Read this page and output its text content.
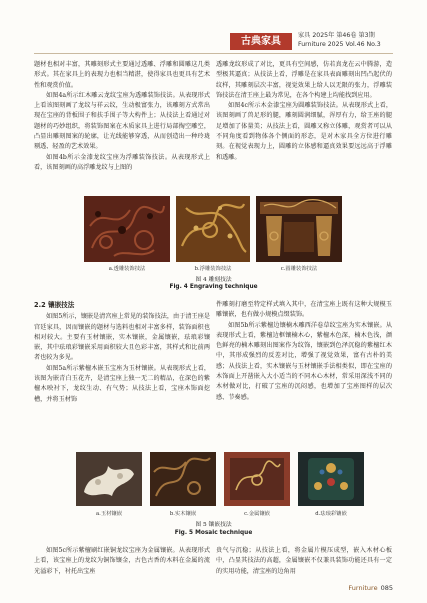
古典家具
家具 2025年 第46卷 第3期
Furniture 2025 Vol.46 No.3

题材也相对丰富，其雕刻形式主要通过透雕、浮雕和圆雕这几类形式。其在家具上的表现力也相当精湛，使得家具也更具有艺术性和观赏价值。

如图4a所示红木雕云龙纹宝座为透雕装饰技法。从表现形式上看该图刻画了龙纹与祥云纹，生动极富张力，该雕刻方式常出现在宝座的背板围子和扶手围子等大构件上；从技法上看通过对题材的巧妙组织，将装饰图案在木质家具上进行局部掏空雕空，凸显出雕刻图案的轮廓，让光线能够穿透，从而创造出一种玲珑剔透、轻盈的艺术效果。

如图4b所示金漆龙纹宝座为浮雕装饰技法。从表现形式上看，该图刻画的高浮雕龙纹与上图的

透雕龙纹形成了对比，更具有空间感，仿若真龙在云中腾游，造型极其逼真；从技法上看，浮雕是在家具表面雕刻出凹凸起伏的纹样，其雕刻层次丰富，视觉效果上给人以无限的张力，浮雕装饰技法在清王座上最为常见，在各个构建上均能找到应用。

如图4c所示木金漆宝座为圆雕装饰技法。从表现形式上看，该图刻画了兽足形的腿，雕刻圆润细腻，浑厚有力，给王座的腿足增加了体量美；从技法上看，圆雕又称立体雕，观赏者可以从不同角度看到物体各个侧面的形态，是对木家具全方位进行雕刻。在视觉表现力上，圆雕的立体感和逼真效果要远远高于浮雕和透雕。

a.透雕装饰技法	b.浮雕装饰技法	c.圆雕装饰技法
图 4 雕刻技法
Fig. 4 Engraving technique
2.2 镶嵌技法

如图5所示，镶嵌是清宫座上常见的装饰技法，由于清王座是宫廷家具，因而镶嵌的题材与选料也相对丰富多样，装饰面积也相对较大。主要有玉材镶嵌，实木镶嵌，金属镶嵌，珐琅彩镶嵌，其中珐琅彩镶嵌采用面积较大且色彩丰富，其样式和比前两者也较为多见。

如图5a所示紫檀木嵌玉宝座为玉材镶嵌。从表现形式上看，该图为嵌青白玉花卉，是清宝座上独一无二的精品，在深色的紫檀木映衬下，龙纹生动、有气势；从技法上看，宝座木饰面挖槽，并将玉材饰

件雕刻打磨至特定样式填入其中，在清宝座上既有这种大规模玉雕镶嵌，也有做小规模点缀装饰。

如图5b所示紫檀边镶楠木雕西洋卷草纹宝座为实木镶嵌。从表现形式上看，紫檀边框镶楠木心，紫檀木色深，楠木色浅，颜色鲜亮的楠木雕刻出图案作为纹饰，镶嵌到色泽沉稳的紫檀红木中，其形成强烈的反差对比，增强了视觉效果，富有古朴的美感；从技法上看，实木镶嵌与玉材镶嵌手法相类似，即在宝座的木饰面上开凿嵌入大小适当的不同木心木材，常采用深浅不同的木材做对比，打破了宝座的沉闷感，也增加了宝座图样的层次感、节奏感。

a.玉材镶嵌	b.实木镶嵌	c.金属镶嵌	d.珐琅彩镶嵌
图 5 镶嵌技法
Fig. 5 Mosaic technique

如图5c所示紫檀刷红嵌铜龙纹宝座为金属镶嵌。从表现形式上看，该宝座上的龙纹为铜饰镶金，古色古香的木料在金属的流光溢彩下，衬托出宝座

贵气与沉稳；从技法上看，将金属片模压成型，嵌入木材心板中，凸显其技法的高超，金属镶嵌不仅兼具装饰功能还具有一定的实用功能，清宝座的边角用

Furniture 085
